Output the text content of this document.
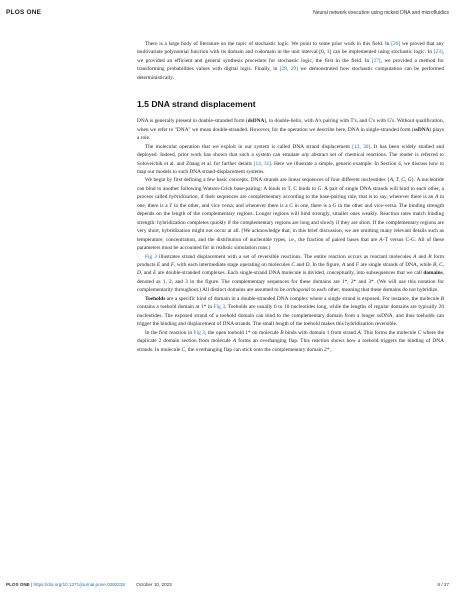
PLOS ONE	Neural network execution using nicked DNA and microfluidics

There is a large body of literature on the topic of stochastic logic. We point to some prior work in this field. In [26] we proved that any multivariate polynomial function with its domain and codomain in the unit interval [0, 1] can be implemented using stochastic logic. In [23], we provided an efficient and general synthesis procedure for stochastic logic, the first in the field. In [27], we provided a method for transforming probabilities values with digital logic. Finally, in [28, 29] we demonstrated how stochastic computation can be performed deterministically.

1.5 DNA strand displacement

DNA is generally present in double-stranded form (dsDNA), in double-helix, with A's pairing with T's, and C's with G's. Without qualification, when we refer to "DNA" we mean double-stranded. However, for the operation we describe here, DNA in single-stranded form (ssDNA) plays a role.

The molecular operation that we exploit in our system is called DNA strand displacement [13, 30]. It has been widely studied and deployed. Indeed, prior work has shown that such a system can emulate any abstract set of chemical reactions. The reader is referred to Soloveichik et al. and Zhang et al. for further details [14, 31]. Here we illustrate a simple, generic example. In Section 4, we discuss how to map our models to such DNA strand-displacement systems.

We begin by first defining a few basic concepts. DNA strands are linear sequences of four different nucleotides {A, T, C, G}. A nucleotide can bind to another following Watson-Crick base-pairing: A binds to T, C binds to G. A pair of single DNA strands will bind to each other, a process called hybridization, if their sequences are complementary according to the base-pairing rule, that is to say, wherever there is an A in one, there is a T in the other, and vice versa; and whenever there is a C in one, there is a G in the other and vice-versa. The binding strength depends on the length of the complementary regions. Longer regions will bind strongly, smaller ones weakly. Reaction rates match binding strength: hybridization completes quickly if the complementary regions are long and slowly if they are short. If the complementary regions are very short, hybridization might not occur at all. (We acknowledge that, in this brief discussion, we are omitting many relevant details such as temperature, concentration, and the distribution of nucleotide types, i.e., the fraction of paired bases that are A-T versus C-G. All of these parameters must be accounted for in realistic simulation runs.)

Fig 3 illustrates strand displacement with a set of reversible reactions. The entire reaction occurs as reactant molecules A and B form products E and F, with each intermediate stage operating on molecules C and D. In the figure, A and F are single strands of DNA, while B, C, D, and E are double-stranded complexes. Each single-strand DNA molecule is divided, conceptually, into subsequences that we call domains, denoted as 1, 2, and 3 in the figure. The complementary sequences for these domains are 1*, 2* and 3*. (We will use this notation for complementarity throughout.) All distinct domains are assumed to be orthogonal to each other, meaning that these domains do not hybridize.

Toeholds are a specific kind of domain in a double-stranded DNA complex where a single strand is exposed. For instance, the molecule B contains a toehold domain at 1* in Fig 3. Toeholds are usually 6 to 10 nucleotides long, while the lengths of regular domains are typically 20 nucleotides. The exposed strand of a toehold domain can bind to the complementary domain from a longer ssDNA, and thus toeholds can trigger the binding and displacement of DNA strands. The small length of the toehold makes this hybridization reversible.

In the first reaction in Fig 3, the open toehold 1* on molecule B binds with domain 1 from strand A. This forms the molecule C where the duplicate 2 domain section from molecule A forms an overhanging flap. This reaction shows how a toehold triggers the binding of DNA strands. In molecule C, the overhanging flap can stick onto the complementary domain 2*,

PLOS ONE | https://doi.org/10.1371/journal.pone.0292228 October 10, 2023	6 / 27
